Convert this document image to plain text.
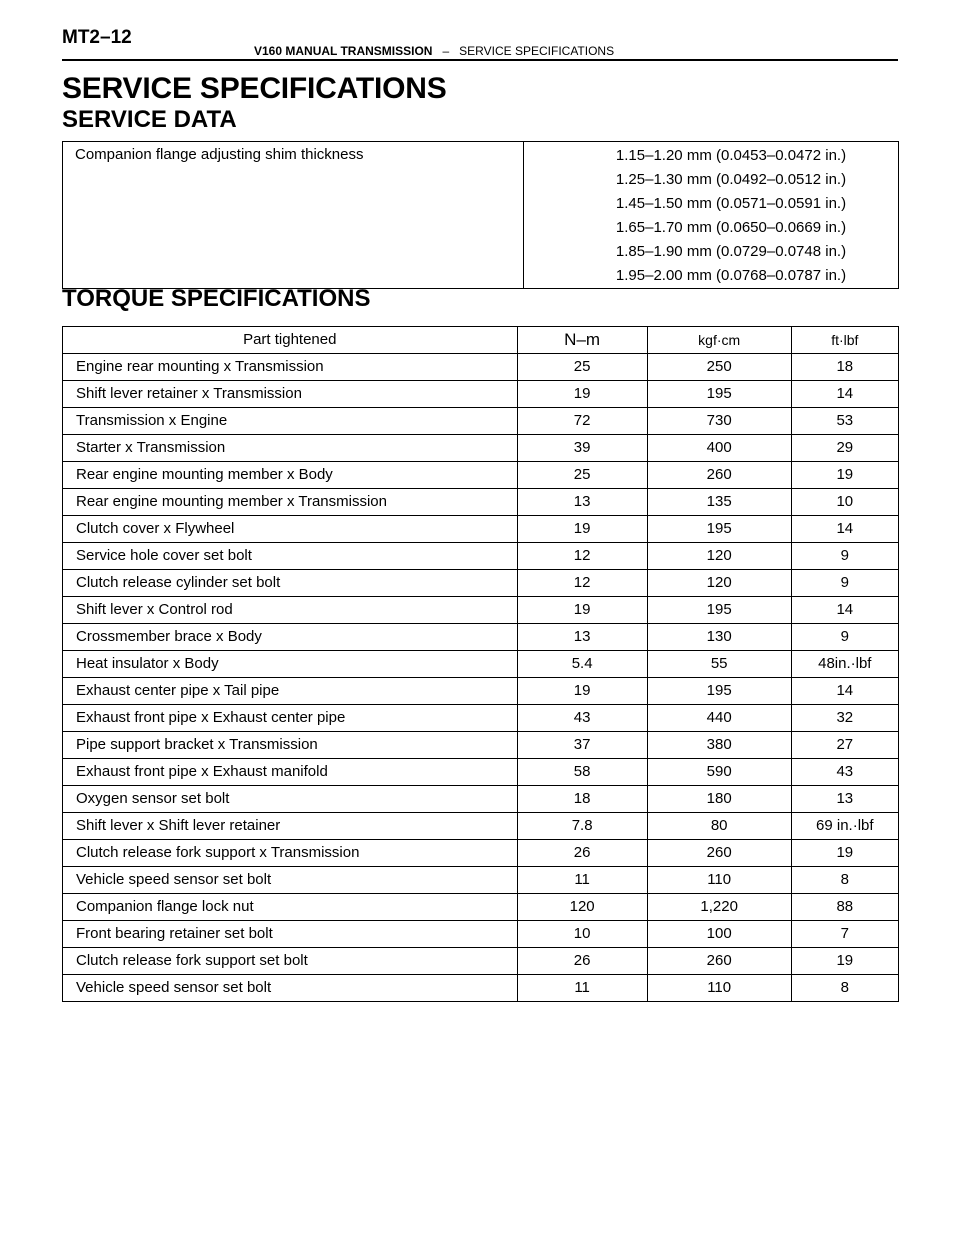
MT2–12
V160 MANUAL TRANSMISSION – SERVICE SPECIFICATIONS
SERVICE SPECIFICATIONS
SERVICE DATA
Companion flange adjusting shim thickness	1.15–1.20 mm (0.0453–0.0472 in.)
1.25–1.30 mm (0.0492–0.0512 in.)
1.45–1.50 mm (0.0571–0.0591 in.)
1.65–1.70 mm (0.0650–0.0669 in.)
1.85–1.90 mm (0.0729–0.0748 in.)
1.95–2.00 mm (0.0768–0.0787 in.)
TORQUE SPECIFICATIONS
Part tightened	N–m	kgf·cm	ft·lbf
Engine rear mounting x Transmission	25	250	18
Shift lever retainer x Transmission	19	195	14
Transmission x Engine	72	730	53
Starter x Transmission	39	400	29
Rear engine mounting member x Body	25	260	19
Rear engine mounting member x Transmission	13	135	10
Clutch cover x Flywheel	19	195	14
Service hole cover set bolt	12	120	9
Clutch release cylinder set bolt	12	120	9
Shift lever x Control rod	19	195	14
Crossmember brace x Body	13	130	9
Heat insulator x Body	5.4	55	48in.·lbf
Exhaust center pipe x Tail pipe	19	195	14
Exhaust front pipe x Exhaust center pipe	43	440	32
Pipe support bracket x Transmission	37	380	27
Exhaust front pipe x Exhaust manifold	58	590	43
Oxygen sensor set bolt	18	180	13
Shift lever x Shift lever retainer	7.8	80	69 in.·lbf
Clutch release fork support x Transmission	26	260	19
Vehicle speed sensor set bolt	11	110	8
Companion flange lock nut	120	1,220	88
Front bearing retainer set bolt	10	100	7
Clutch release fork support set bolt	26	260	19
Vehicle speed sensor set bolt	11	110	8
